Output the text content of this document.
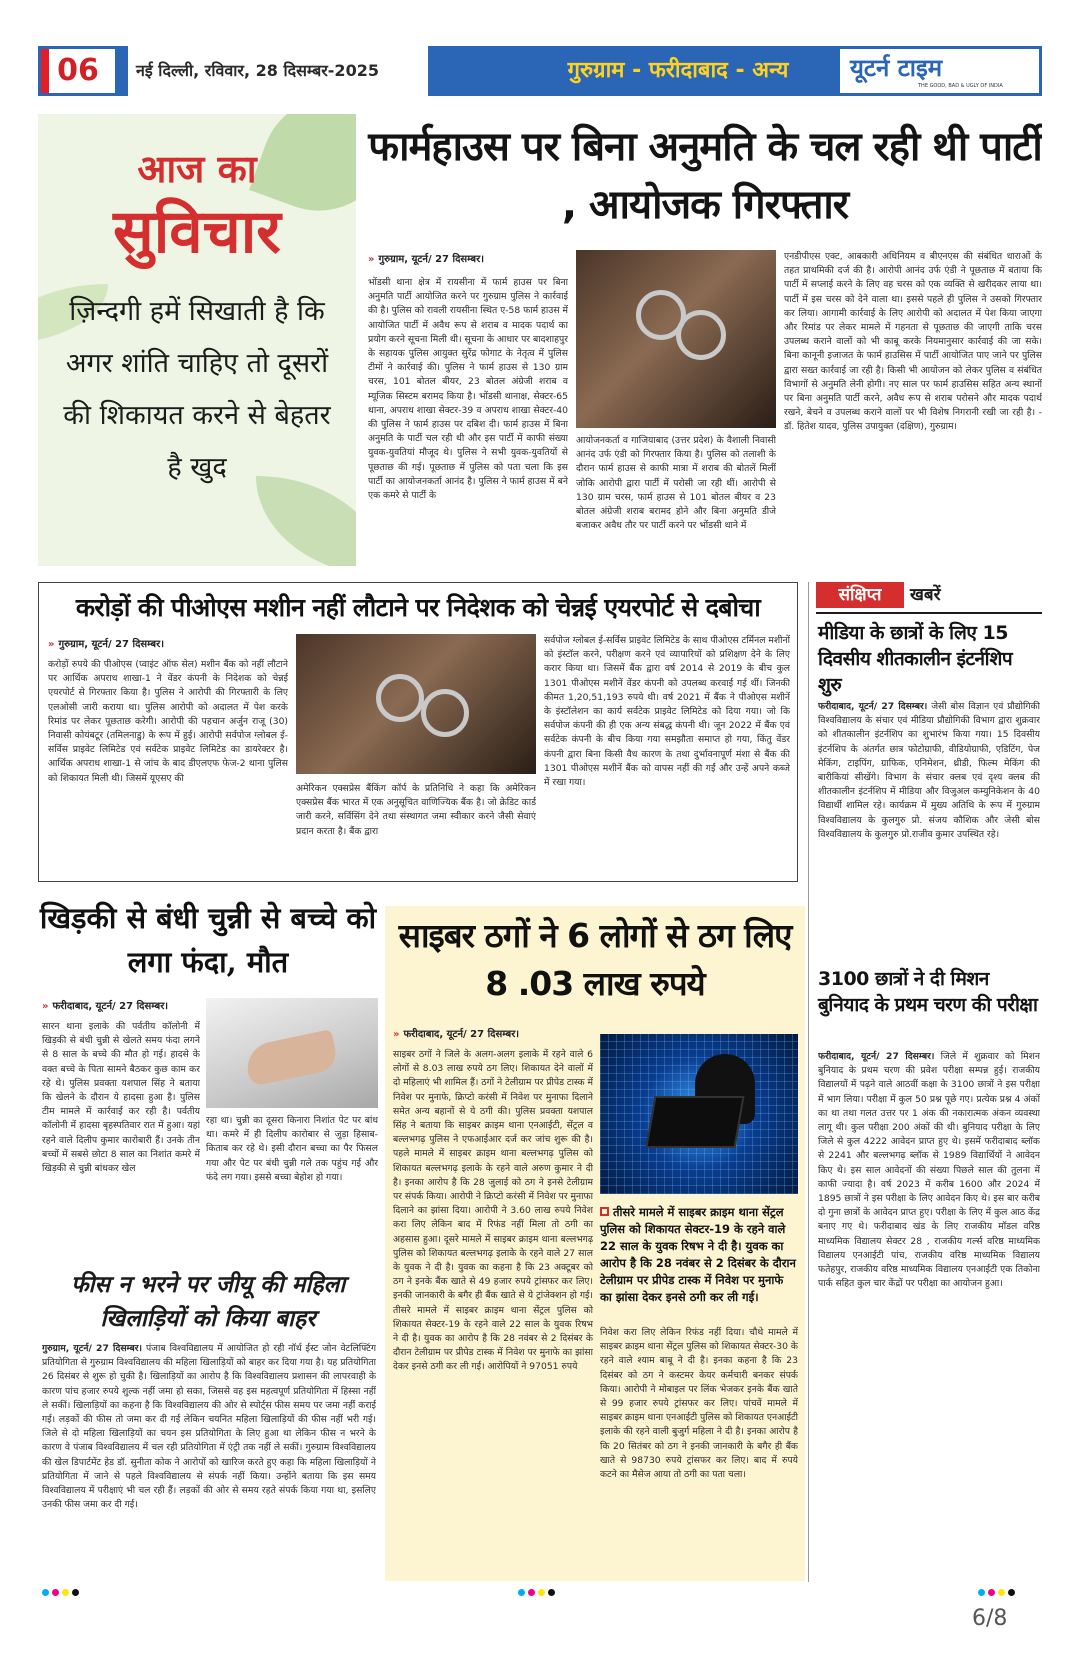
06	नई दिल्ली, रविवार, 28 दिसम्बर-2025	गुरुग्राम - फरीदाबाद - अन्य	यूटर्न टाइम
THE GOOD, BAD & UGLY OF INDIA
आज का
सुविचार
ज़िन्दगी हमें सिखाती है कि अगर शांति चाहिए तो दूसरों की शिकायत करने से बेहतर है खुद
फार्महाउस पर बिना अनुमति के चल रही थी पार्टी , आयोजक गिरफ्तार
» गुरुग्राम, यूटर्न/ 27 दिसम्बर।
भोंडसी थाना क्षेत्र में रायसीना में फार्म हाउस पर बिना अनुमति पार्टी आयोजित करने पर गुरुग्राम पुलिस ने कार्रवाई की है। पुलिस को रावली रायसीना स्थित ए-58 फार्म हाउस में आयोजित पार्टी में अवैध रूप से शराब व मादक पदार्थ का प्रयोग करने सूचना मिली थी। सूचना के आधार पर बादशाहपुर के सहायक पुलिस आयुक्त सुरेंद्र फोगाट के नेतृत्व में पुलिस टीमों ने कार्रवाई की। पुलिस ने फार्म हाउस से 130 ग्राम चरस, 101 बोतल बीयर, 23 बोतल अंग्रेजी शराब व म्यूजिक सिस्टम बरामद किया है। भोंडसी थानाक्ष, सेक्टर-65 थाना, अपराध शाखा सेक्टर-39 व अपराध शाखा सेक्टर-40 की पुलिस ने फार्म हाउस पर दबिश दी। फार्म हाउस में बिना अनुमति के पार्टी चल रही थी और इस पार्टी में काफी संख्या युवक-युवतियां मौजूद थे। पुलिस ने सभी युवक-युवतियों से पूछताछ की गई। पूछताछ में पुलिस को पता चला कि इस पार्टी का आयोजनकर्ता आनंद है। पुलिस ने फार्म हाउस में बने एक कमरे से पार्टी के
आयोजनकर्ता व गाजियाबाद (उत्तर प्रदेश) के वैशाली निवासी आनंद उर्फ एंडी को गिरफ्तार किया है। पुलिस को तलाशी के दौरान फार्म हाउस से काफी मात्रा में शराब की बोतलें मिलीं जोकि आरोपी द्वारा पार्टी में परोसी जा रही थीं। आरोपी से 130 ग्राम चरस, फार्म हाउस से 101 बोतल बीयर व 23 बोतल अंग्रेजी शराब बरामद होने और बिना अनुमति डीजे बजाकर अवैध तौर पर पार्टी करने पर भोंडसी थाने में
एनडीपीएस एक्ट, आबकारी अधिनियम व बीएनएस की संबंधित धाराओं के तहत प्राथमिकी दर्ज की है। आरोपी आनंद उर्फ एंडी ने पूछताछ में बताया कि पार्टी में सप्लाई करने के लिए वह चरस को एक व्यक्ति से खरीदकर लाया था। पार्टी में इस चरस को देने वाला था। इससे पहले ही पुलिस ने उसको गिरफ्तार कर लिया। आगामी कार्रवाई के लिए आरोपी को अदालत में पेश किया जाएगा और रिमांड पर लेकर मामले में गहनता से पूछताछ की जाएगी ताकि चरस उपलब्ध कराने वालों को भी काबू करके नियमानुसार कार्रवाई की जा सके। बिना कानूनी इजाजत के फार्म हाउसिस में पार्टी आयोजित पाए जाने पर पुलिस द्वारा सख्त कार्रवाई जा रही है। किसी भी आयोजन को लेकर पुलिस व संबंधित विभागों से अनुमति लेनी होगी। नए साल पर फार्म हाउसिस सहित अन्य स्थानों पर बिना अनुमति पार्टी करने, अवैध रूप से शराब परोसने और मादक पदार्थ रखने, बेचने व उपलब्ध कराने वालों पर भी विशेष निगरानी रखी जा रही है। - डॉ. हितेश यादव, पुलिस उपायुक्त (दक्षिण), गुरुग्राम।
करोड़ों की पीओएस मशीन नहीं लौटाने पर निदेशक को चेन्नई एयरपोर्ट से दबोचा
» गुरुग्राम, यूटर्न/ 27 दिसम्बर।
करोड़ों रुपये की पीओएस (प्वाइंट ऑफ सेल) मशीन बैंक को नहीं लौटाने पर आर्थिक अपराध शाखा-1 ने वेंडर कंपनी के निदेशक को चेन्नई एयरपोर्ट से गिरफ्तार किया है। पुलिस ने आरोपी की गिरफ्तारी के लिए एलओसी जारी कराया था। पुलिस आरोपी को अदालत में पेश करके रिमांड पर लेकर पूछताछ करेगी। आरोपी की पहचान अर्जुन राजू (30) निवासी कोयंबटूर (तमिलनाडु) के रूप में हुई। आरोपी सर्वपोज ग्लोबल ई-सर्विस प्राइवेट लिमिटेड एवं सर्वटेक प्राइवेट लिमिटेड का डायरेक्टर है। आर्थिक अपराध शाखा-1 से जांच के बाद डीएलएफ फेज-2 थाना पुलिस को शिकायत मिली थी। जिसमें यूएसए की
अमेरिकन एक्सप्रेस बैंकिंग कॉर्प के प्रतिनिधि ने कहा कि अमेरिकन एक्सप्रेस बैंक भारत में एक अनुसूचित वाणिज्यिक बैंक है। जो क्रेडिट कार्ड जारी करने, सर्विसिंग देने तथा संस्थागत जमा स्वीकार करने जैसी सेवाएं प्रदान करता है। बैंक द्वारा
सर्वपोज ग्लोबल ई-सर्विस प्राइवेट लिमिटेड के साथ पीओएस टर्मिनल मशीनों को इंस्टॉल करने, परीक्षण करने एवं व्यापारियों को प्रशिक्षण देने के लिए करार किया था। जिसमें बैंक द्वारा वर्ष 2014 से 2019 के बीच कुल 1301 पीओएस मशीनें वेंडर कंपनी को उपलब्ध करवाई गई थीं। जिनकी कीमत 1,20,51,193 रुपये थी। वर्ष 2021 में बैंक ने पीओएस मशीनें के इंस्टॉलेशन का कार्य सर्वटेक प्राइवेट लिमिटेड को दिया गया। जो कि सर्वपोज कंपनी की ही एक अन्य संबद्ध कंपनी थी। जून 2022 में बैंक एवं सर्वटेक कंपनी के बीच किया गया समझौता समाप्त हो गया, किंतु वेंडर कंपनी द्वारा बिना किसी वैध कारण के तथा दुर्भावनापूर्ण मंशा से बैंक की 1301 पीओएस मशीनें बैंक को वापस नहीं की गईं और उन्हें अपने कब्जे में रखा गया।
संक्षिप्त	खबरें
मीडिया के छात्रों के लिए 15 दिवसीय शीतकालीन इंटर्नशिप शुरु
फरीदाबाद, यूटर्न/ 27 दिसम्बर। जेसी बोस विज्ञान एवं प्रौद्योगिकी विश्वविद्यालय के संचार एवं मीडिया प्रौद्योगिकी विभाग द्वारा शुक्रवार को शीतकालीन इंटर्नशिप का शुभारंभ किया गया। 15 दिवसीय इंटर्नशिप के अंतर्गत छात्र फोटोग्राफी, वीडियोग्राफी, एडिटिंग, पेज मेकिंग, टाइपिंग, ग्राफिक, एनिमेशन, थ्रीडी, फिल्म मेकिंग की बारीकियां सीखेंगे। विभाग के संचार क्लब एवं दृश्य क्लब की शीतकालीन इंटर्नशिप में मीडिया और विजुअल कम्युनिकेशन के 40 विद्यार्थी शामिल रहे। कार्यक्रम में मुख्य अतिथि के रूप में गुरुग्राम विश्वविद्यालय के कुलगुरु प्रो. संजय कौशिक और जेसी बोस विश्वविद्यालय के कुलगुरु प्रो.राजीव कुमार उपस्थित रहे।
3100 छात्रों ने दी मिशन बुनियाद के प्रथम चरण की परीक्षा
फरीदाबाद, यूटर्न/ 27 दिसम्बर। जिले में शुक्रवार को मिशन बुनियाद के प्रथम चरण की प्रवेश परीक्षा सम्पन्न हुई। राजकीय विद्यालयों में पढ़ने वाले आठवीं कक्षा के 3100 छात्रों ने इस परीक्षा में भाग लिया। परीक्षा में कुल 50 प्रश्न पूछे गए। प्रत्येक प्रश्न 4 अंकों का था तथा गलत उत्तर पर 1 अंक की नकारात्मक अंकन व्यवस्था लागू थी। कुल परीक्षा 200 अंकों की थी। बुनियाद परीक्षा के लिए जिले से कुल 4222 आवेदन प्राप्त हुए थे। इसमें फरीदाबाद ब्लॉक से 2241 और बल्लभगढ़ ब्लॉक से 1989 विद्यार्थियों ने आवेदन किए थे। इस साल आवेदनों की संख्या पिछले साल की तुलना में काफी ज्यादा है। वर्ष 2023 में करीब 1600 और 2024 में 1895 छात्रों ने इस परीक्षा के लिए आवेदन किए थे। इस बार करीब दो गुना छात्रों के आवेदन प्राप्त हुए। परीक्षा के लिए में कुल आठ केंद्र बनाए गए थे। फरीदाबाद खंड के लिए राजकीय मॉडल वरिष्ठ माध्यमिक विद्यालय सेक्टर 28 , राजकीय गर्ल्स वरिष्ठ माध्यमिक विद्यालय एनआईटी पांच, राजकीय वरिष्ठ माध्यमिक विद्यालय फतेहपुर, राजकीय वरिष्ठ माध्यमिक विद्यालय एनआईटी एक तिकोना पार्क सहित कुल चार केंद्रों पर परीक्षा का आयोजन हुआ।
खिड़की से बंधी चुन्नी से बच्चे को लगा फंदा, मौत
» फरीदाबाद, यूटर्न/ 27 दिसम्बर।
सारन थाना इलाके की पर्वतीय कॉलोनी में खिड़की से बंधी चुन्नी से खेलते समय फंदा लगने से 8 साल के बच्चे की मौत हो गई। हादसे के वक्त बच्चे के पिता सामने बैठकर कुछ काम कर रहे थे। पुलिस प्रवक्ता यशपाल सिंह ने बताया कि खेलने के दौरान ये हादसा हुआ है। पुलिस टीम मामले में कार्रवाई कर रही है। पर्वतीय कॉलोनी में हादसा बृहस्पतिवार रात में हुआ। यहां रहने वाले दिलीप कुमार कारोबारी हैं। उनके तीन बच्चों में सबसे छोटा 8 साल का निशांत कमरे में खिड़की से चुन्नी बांधकर खेल
रहा था। चुन्नी का दूसरा किनारा निशांत पेट पर बांध था। कमरे में ही दिलीप कारोबार से जुड़ा हिसाब-किताब कर रहे थे। इसी दौरान बच्चा का पैर फिसल गया और पेट पर बंधी चुन्नी गले तक पहुंच गई और फंदे लग गया। इससे बच्चा बेहोश हो गया।
फीस न भरने पर जीयू की महिला खिलाड़ियों को किया बाहर
गुरुग्राम, यूटर्न/ 27 दिसम्बर। पंजाब विश्वविद्यालय में आयोजित हो रही नॉर्थ ईस्ट जोन वेटलिफ्टिंग प्रतियोगिता से गुरुग्राम विश्वविद्यालय की महिला खिलाड़ियों को बाहर कर दिया गया है। यह प्रतियोगिता 26 दिसंबर से शुरू हो चुकी है। खिलाड़ियों का आरोप है कि विश्वविद्यालय प्रशासन की लापरवाही के कारण पांच हजार रुपये शुल्क नहीं जमा हो सका, जिससे वह इस महत्वपूर्ण प्रतियोगिता में हिस्सा नहीं ले सकीं। खिलाड़ियों का कहना है कि विश्वविद्यालय की ओर से स्पोर्ट्स फीस समय पर जमा नहीं कराई गई। लड़कों की फीस तो जमा कर दी गई लेकिन चयनित महिला खिलाड़ियों की फीस नहीं भरी गई। जिले से दो महिला खिलाड़ियों का चयन इस प्रतियोगिता के लिए हुआ था लेकिन फीस न भरने के कारण वे पंजाब विश्वविद्यालय में चल रही प्रतियोगिता में एंट्री तक नहीं ले सकीं। गुरुग्राम विश्वविद्यालय की खेल डिपार्टमेंट हेड डॉ. सुनीता कोक ने आरोपों को खारिज करते हुए कहा कि महिला खिलाड़ियों ने प्रतियोगिता में जाने से पहले विश्वविद्यालय से संपर्क नहीं किया। उन्होंने बताया कि इस समय विश्वविद्यालय में परीक्षाएं भी चल रही हैं। लड़कों की ओर से समय रहते संपर्क किया गया था, इसलिए उनकी फीस जमा कर दी गई।
साइबर ठगों ने 6 लोगों से ठग लिए 8 .03 लाख रुपये
» फरीदाबाद, यूटर्न/ 27 दिसम्बर।
साइबर ठगों ने जिले के अलग-अलग इलाके में रहने वाले 6 लोगों से 8.03 लाख रुपये ठग लिए। शिकायत देने वालों में दो महिलाएं भी शामिल हैं। ठगों ने टेलीग्राम पर प्रीपेड टास्क में निवेश पर मुनाफे, क्रिप्टो करंसी में निवेश पर मुनाफा दिलाने समेत अन्य बहानों से ये ठगी की। पुलिस प्रवक्ता यशपाल सिंह ने बताया कि साइबर क्राइम थाना एनआईटी, सेंट्रल व बल्लभगढ़ पुलिस ने एफआईआर दर्ज कर जांच शुरू की है। पहले मामले में साइबर क्राइम थाना बल्लभगढ़ पुलिस को शिकायत बल्लभगढ़ इलाके के रहने वाले अरुण कुमार ने दी है। इनका आरोप है कि 28 जुलाई को ठग ने इनसे टेलीग्राम पर संपर्क किया। आरोपी ने क्रिप्टो करंसी में निवेश पर मुनाफा दिलाने का झांसा दिया। आरोपी ने 3.60 लाख रुपये निवेश करा लिए लेकिन बाद में रिफंड नहीं मिला तो ठगी का अहसास हुआ। दूसरे मामले में साइबर क्राइम थाना बल्लभगढ़ पुलिस को शिकायत बल्लभगढ़ इलाके के रहने वाले 27 साल के युवक ने दी है। युवक का कहना है कि 23 अक्टूबर को ठग ने इनके बैंक खाते से 49 हजार रुपये ट्रांसफर कर लिए। इनकी जानकारी के बगैर ही बैंक खाते से ये ट्रांजेक्शन हो गई। तीसरे मामले में साइबर क्राइम थाना सेंट्रल पुलिस को शिकायत सेक्टर-19 के रहने वाले 22 साल के युवक रिषभ ने दी है। युवक का आरोप है कि 28 नवंबर से 2 दिसंबर के दौरान टेलीग्राम पर प्रीपेड टास्क में निवेश पर मुनाफे का झांसा देकर इनसे ठगी कर ली गई। आरोपियों ने 97051 रुपये
तीसरे मामले में साइबर क्राइम थाना सेंट्रल पुलिस को शिकायत सेक्टर-19 के रहने वाले 22 साल के युवक रिषभ ने दी है। युवक का आरोप है कि 28 नवंबर से 2 दिसंबर के दौरान टेलीग्राम पर प्रीपेड टास्क में निवेश पर मुनाफे का झांसा देकर इनसे ठगी कर ली गई।
निवेश करा लिए लेकिन रिफंड नहीं दिया। चौथे मामले में साइबर क्राइम थाना सेंट्रल पुलिस को शिकायत सेक्टर-30 के रहने वाले श्याम बाबू ने दी है। इनका कहना है कि 23 दिसंबर को ठग ने कस्टमर केयर कर्मचारी बनकर संपर्क किया। आरोपी ने मोबाइल पर लिंक भेजकर इनके बैंक खाते से 99 हजार रुपये ट्रांसफर कर लिए। पांचवें मामले में साइबर क्राइम थाना एनआईटी पुलिस को शिकायत एनआईटी इलाके की रहने वाली बुजुर्ग महिला ने दी है। इनका आरोप है कि 20 सितंबर को ठग ने इनकी जानकारी के बगैर ही बैंक खाते से 98730 रुपये ट्रांसफर कर लिए। बाद में रुपये कटने का मैसेज आया तो ठगी का पता चला।
6/8
